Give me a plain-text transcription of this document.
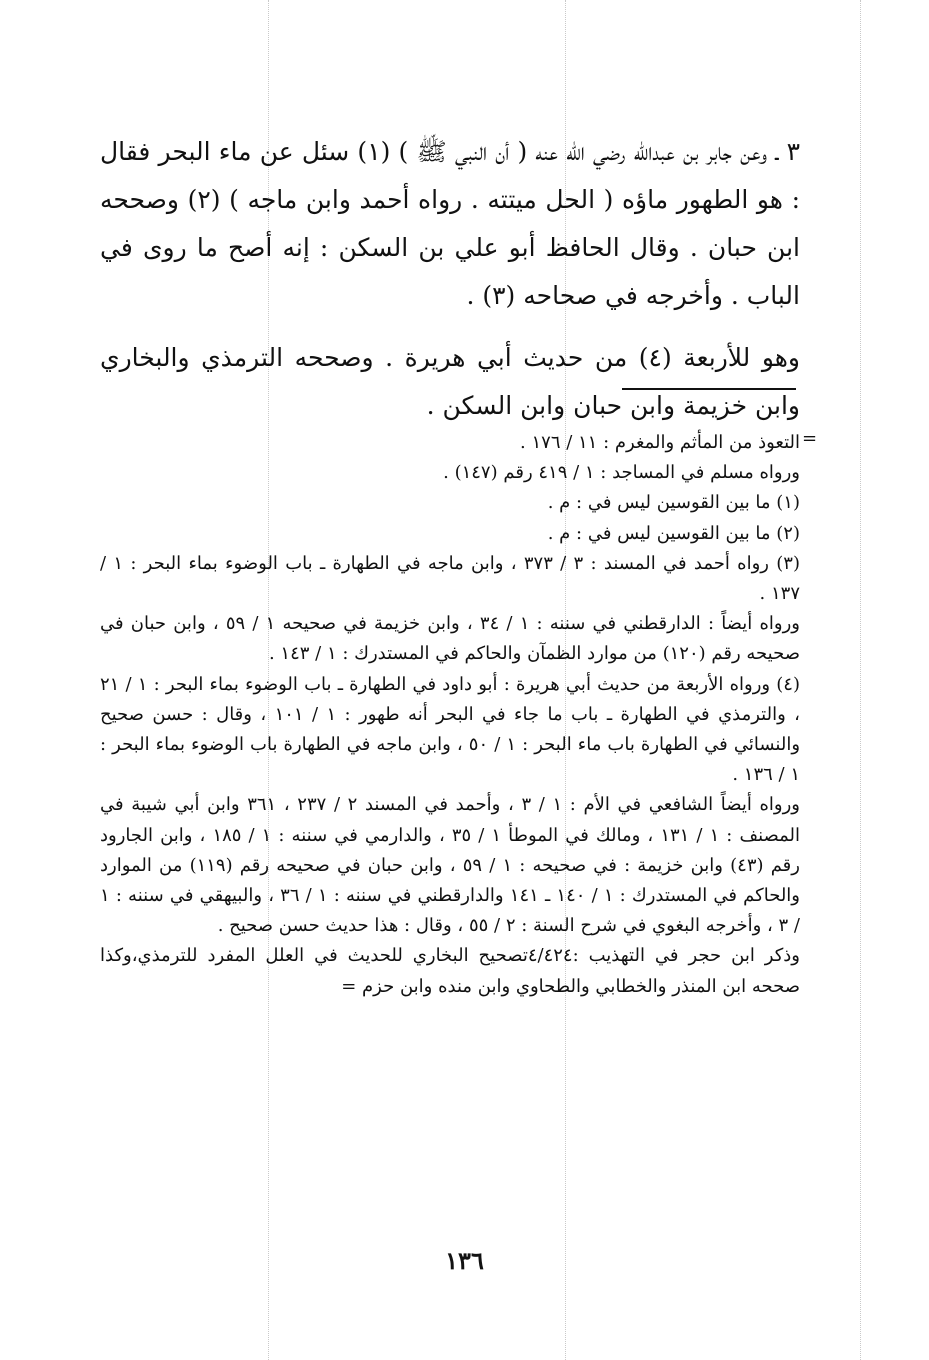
٣ ـ وعن جابر بن عبدالله رضي الله عنه ( أن النبي ﷺ ) (١) سئل عن ماء البحر فقال : هو الطهور ماؤه ( الحل ميتته . رواه أحمد وابن ماجه ) (٢) وصححه ابن حبان . وقال الحافظ أبو علي بن السكن : إنه أصح ما روى في الباب . وأخرجه في صحاحه (٣) .

وهو للأربعة (٤) من حديث أبي هريرة . وصححه الترمذي والبخاري وابن خزيمة وابن حبان وابن السكن .

=
التعوذ من المأثم والمغرم : ١١ / ١٧٦ .
ورواه مسلم في المساجد : ١ / ٤١٩ رقم (١٤٧) .
(١) ما بين القوسين ليس في : م .
(٢) ما بين القوسين ليس في : م .
(٣) رواه أحمد في المسند : ٣ / ٣٧٣ ، وابن ماجه في الطهارة ـ باب الوضوء بماء البحر : ١ / ١٣٧ .
ورواه أيضاً : الدارقطني في سننه : ١ / ٣٤ ، وابن خزيمة في صحيحه ١ / ٥٩ ، وابن حبان في صحيحه رقم (١٢٠) من موارد الظمآن والحاكم في المستدرك : ١ / ١٤٣ .
(٤) ورواه الأربعة من حديث أبي هريرة : أبو داود في الطهارة ـ باب الوضوء بماء البحر : ١ / ٢١ ، والترمذي في الطهارة ـ باب ما جاء في البحر أنه طهور : ١ / ١٠١ ، وقال : حسن صحيح والنسائي في الطهارة باب ماء البحر : ١ / ٥٠ ، وابن ماجه في الطهارة باب الوضوء بماء البحر : ١ / ١٣٦ .
ورواه أيضاً الشافعي في الأم : ١ / ٣ ، وأحمد في المسند ٢ / ٢٣٧ ، ٣٦١ وابن أبي شيبة في المصنف : ١ / ١٣١ ، ومالك في الموطأ ١ / ٣٥ ، والدارمي في سننه : ١ / ١٨٥ ، وابن الجارود رقم (٤٣) وابن خزيمة : في صحيحه : ١ / ٥٩ ، وابن حبان في صحيحه رقم (١١٩) من الموارد والحاكم في المستدرك : ١ / ١٤٠ ـ ١٤١ والدارقطني في سننه : ١ / ٣٦ ، والبيهقي في سننه : ١ / ٣ ، وأخرجه البغوي في شرح السنة : ٢ / ٥٥ ، وقال : هذا حديث حسن صحيح .
وذكر ابن حجر في التهذيب :٤/٤٢٤تصحيح البخاري للحديث في العلل المفرد للترمذي،وكذا صححه ابن المنذر والخطابي والطحاوي وابن منده وابن حزم =
١٣٦
